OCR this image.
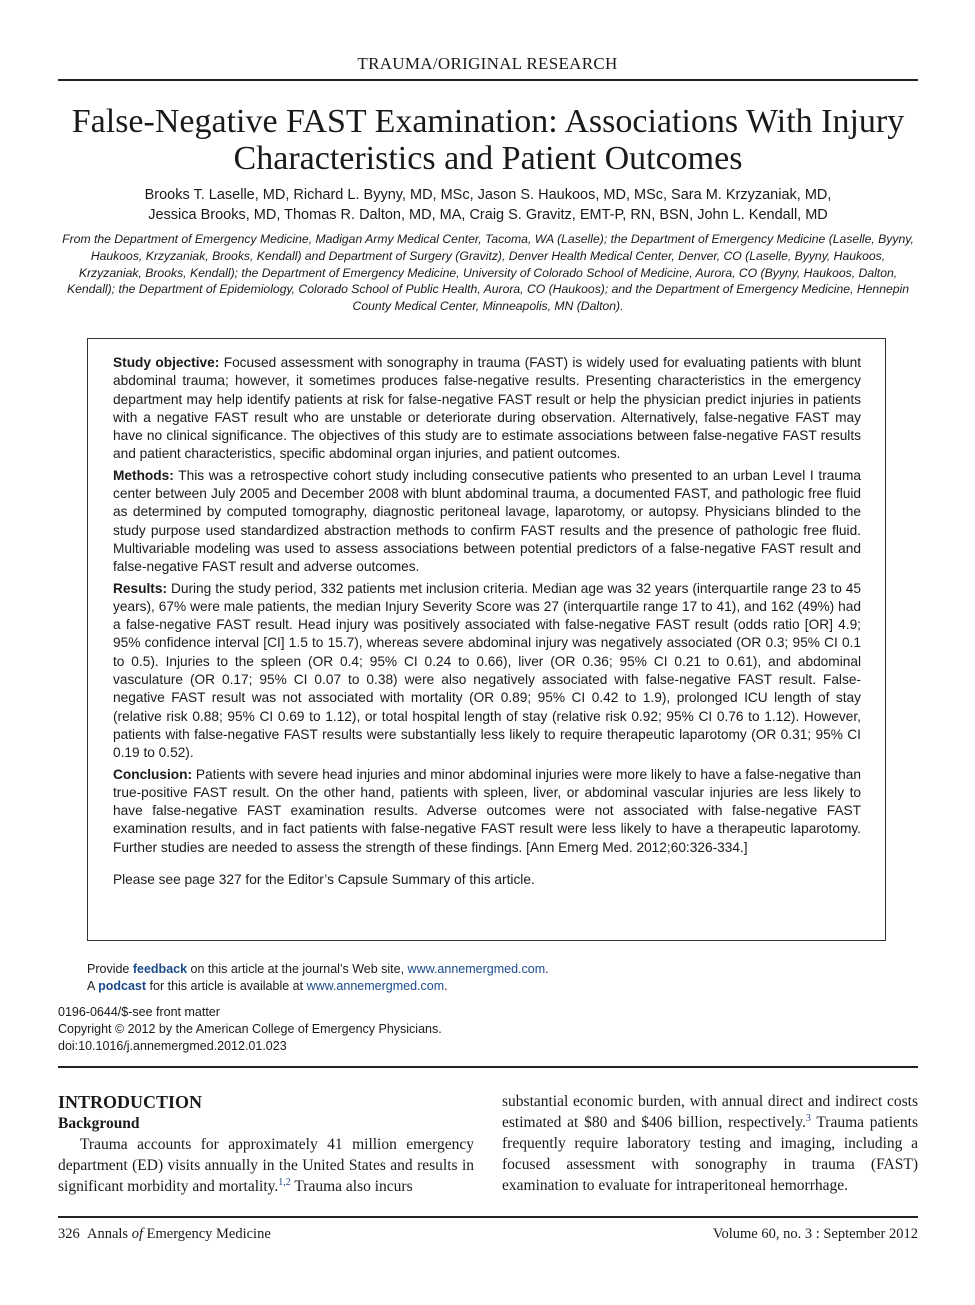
TRAUMA/ORIGINAL RESEARCH
False-Negative FAST Examination: Associations With Injury
Characteristics and Patient Outcomes
Brooks T. Laselle, MD, Richard L. Byyny, MD, MSc, Jason S. Haukoos, MD, MSc, Sara M. Krzyzaniak, MD,
Jessica Brooks, MD, Thomas R. Dalton, MD, MA, Craig S. Gravitz, EMT-P, RN, BSN, John L. Kendall, MD
From the Department of Emergency Medicine, Madigan Army Medical Center, Tacoma, WA (Laselle); the Department of Emergency Medicine (Laselle, Byyny, Haukoos, Krzyzaniak, Brooks, Kendall) and Department of Surgery (Gravitz), Denver Health Medical Center, Denver, CO (Laselle, Byyny, Haukoos, Krzyzaniak, Brooks, Kendall); the Department of Emergency Medicine, University of Colorado School of Medicine, Aurora, CO (Byyny, Haukoos, Dalton, Kendall); the Department of Epidemiology, Colorado School of Public Health, Aurora, CO (Haukoos); and the Department of Emergency Medicine, Hennepin County Medical Center, Minneapolis, MN (Dalton).

Study objective: Focused assessment with sonography in trauma (FAST) is widely used for evaluating patients with blunt abdominal trauma; however, it sometimes produces false-negative results. Presenting characteristics in the emergency department may help identify patients at risk for false-negative FAST result or help the physician predict injuries in patients with a negative FAST result who are unstable or deteriorate during observation. Alternatively, false-negative FAST may have no clinical significance. The objectives of this study are to estimate associations between false-negative FAST results and patient characteristics, specific abdominal organ injuries, and patient outcomes.

Methods: This was a retrospective cohort study including consecutive patients who presented to an urban Level I trauma center between July 2005 and December 2008 with blunt abdominal trauma, a documented FAST, and pathologic free fluid as determined by computed tomography, diagnostic peritoneal lavage, laparotomy, or autopsy. Physicians blinded to the study purpose used standardized abstraction methods to confirm FAST results and the presence of pathologic free fluid. Multivariable modeling was used to assess associations between potential predictors of a false-negative FAST result and false-negative FAST result and adverse outcomes.

Results: During the study period, 332 patients met inclusion criteria. Median age was 32 years (interquartile range 23 to 45 years), 67% were male patients, the median Injury Severity Score was 27 (interquartile range 17 to 41), and 162 (49%) had a false-negative FAST result. Head injury was positively associated with false-negative FAST result (odds ratio [OR] 4.9; 95% confidence interval [CI] 1.5 to 15.7), whereas severe abdominal injury was negatively associated (OR 0.3; 95% CI 0.1 to 0.5). Injuries to the spleen (OR 0.4; 95% CI 0.24 to 0.66), liver (OR 0.36; 95% CI 0.21 to 0.61), and abdominal vasculature (OR 0.17; 95% CI 0.07 to 0.38) were also negatively associated with false-negative FAST result. False-negative FAST result was not associated with mortality (OR 0.89; 95% CI 0.42 to 1.9), prolonged ICU length of stay (relative risk 0.88; 95% CI 0.69 to 1.12), or total hospital length of stay (relative risk 0.92; 95% CI 0.76 to 1.12). However, patients with false-negative FAST results were substantially less likely to require therapeutic laparotomy (OR 0.31; 95% CI 0.19 to 0.52).

Conclusion: Patients with severe head injuries and minor abdominal injuries were more likely to have a false-negative than true-positive FAST result. On the other hand, patients with spleen, liver, or abdominal vascular injuries are less likely to have false-negative FAST examination results. Adverse outcomes were not associated with false-negative FAST examination results, and in fact patients with false-negative FAST result were less likely to have a therapeutic laparotomy. Further studies are needed to assess the strength of these findings. [Ann Emerg Med. 2012;60:326-334.]

Please see page 327 for the Editor’s Capsule Summary of this article.

Provide feedback on this article at the journal’s Web site, www.annemergmed.com.
A podcast for this article is available at www.annemergmed.com.
0196-0644/$-see front matter
Copyright © 2012 by the American College of Emergency Physicians.
doi:10.1016/j.annemergmed.2012.01.023
INTRODUCTION
Background

Trauma accounts for approximately 41 million emergency department (ED) visits annually in the United States and results in significant morbidity and mortality.$^{1,2}$ Trauma also incurs

substantial economic burden, with annual direct and indirect costs estimated at $80 and $406 billion, respectively.$^3$ Trauma patients frequently require laboratory testing and imaging, including a focused assessment with sonography in trauma (FAST) examination to evaluate for intraperitoneal hemorrhage.

326 Annals of Emergency Medicine	Volume 60, no. 3 : September 2012
